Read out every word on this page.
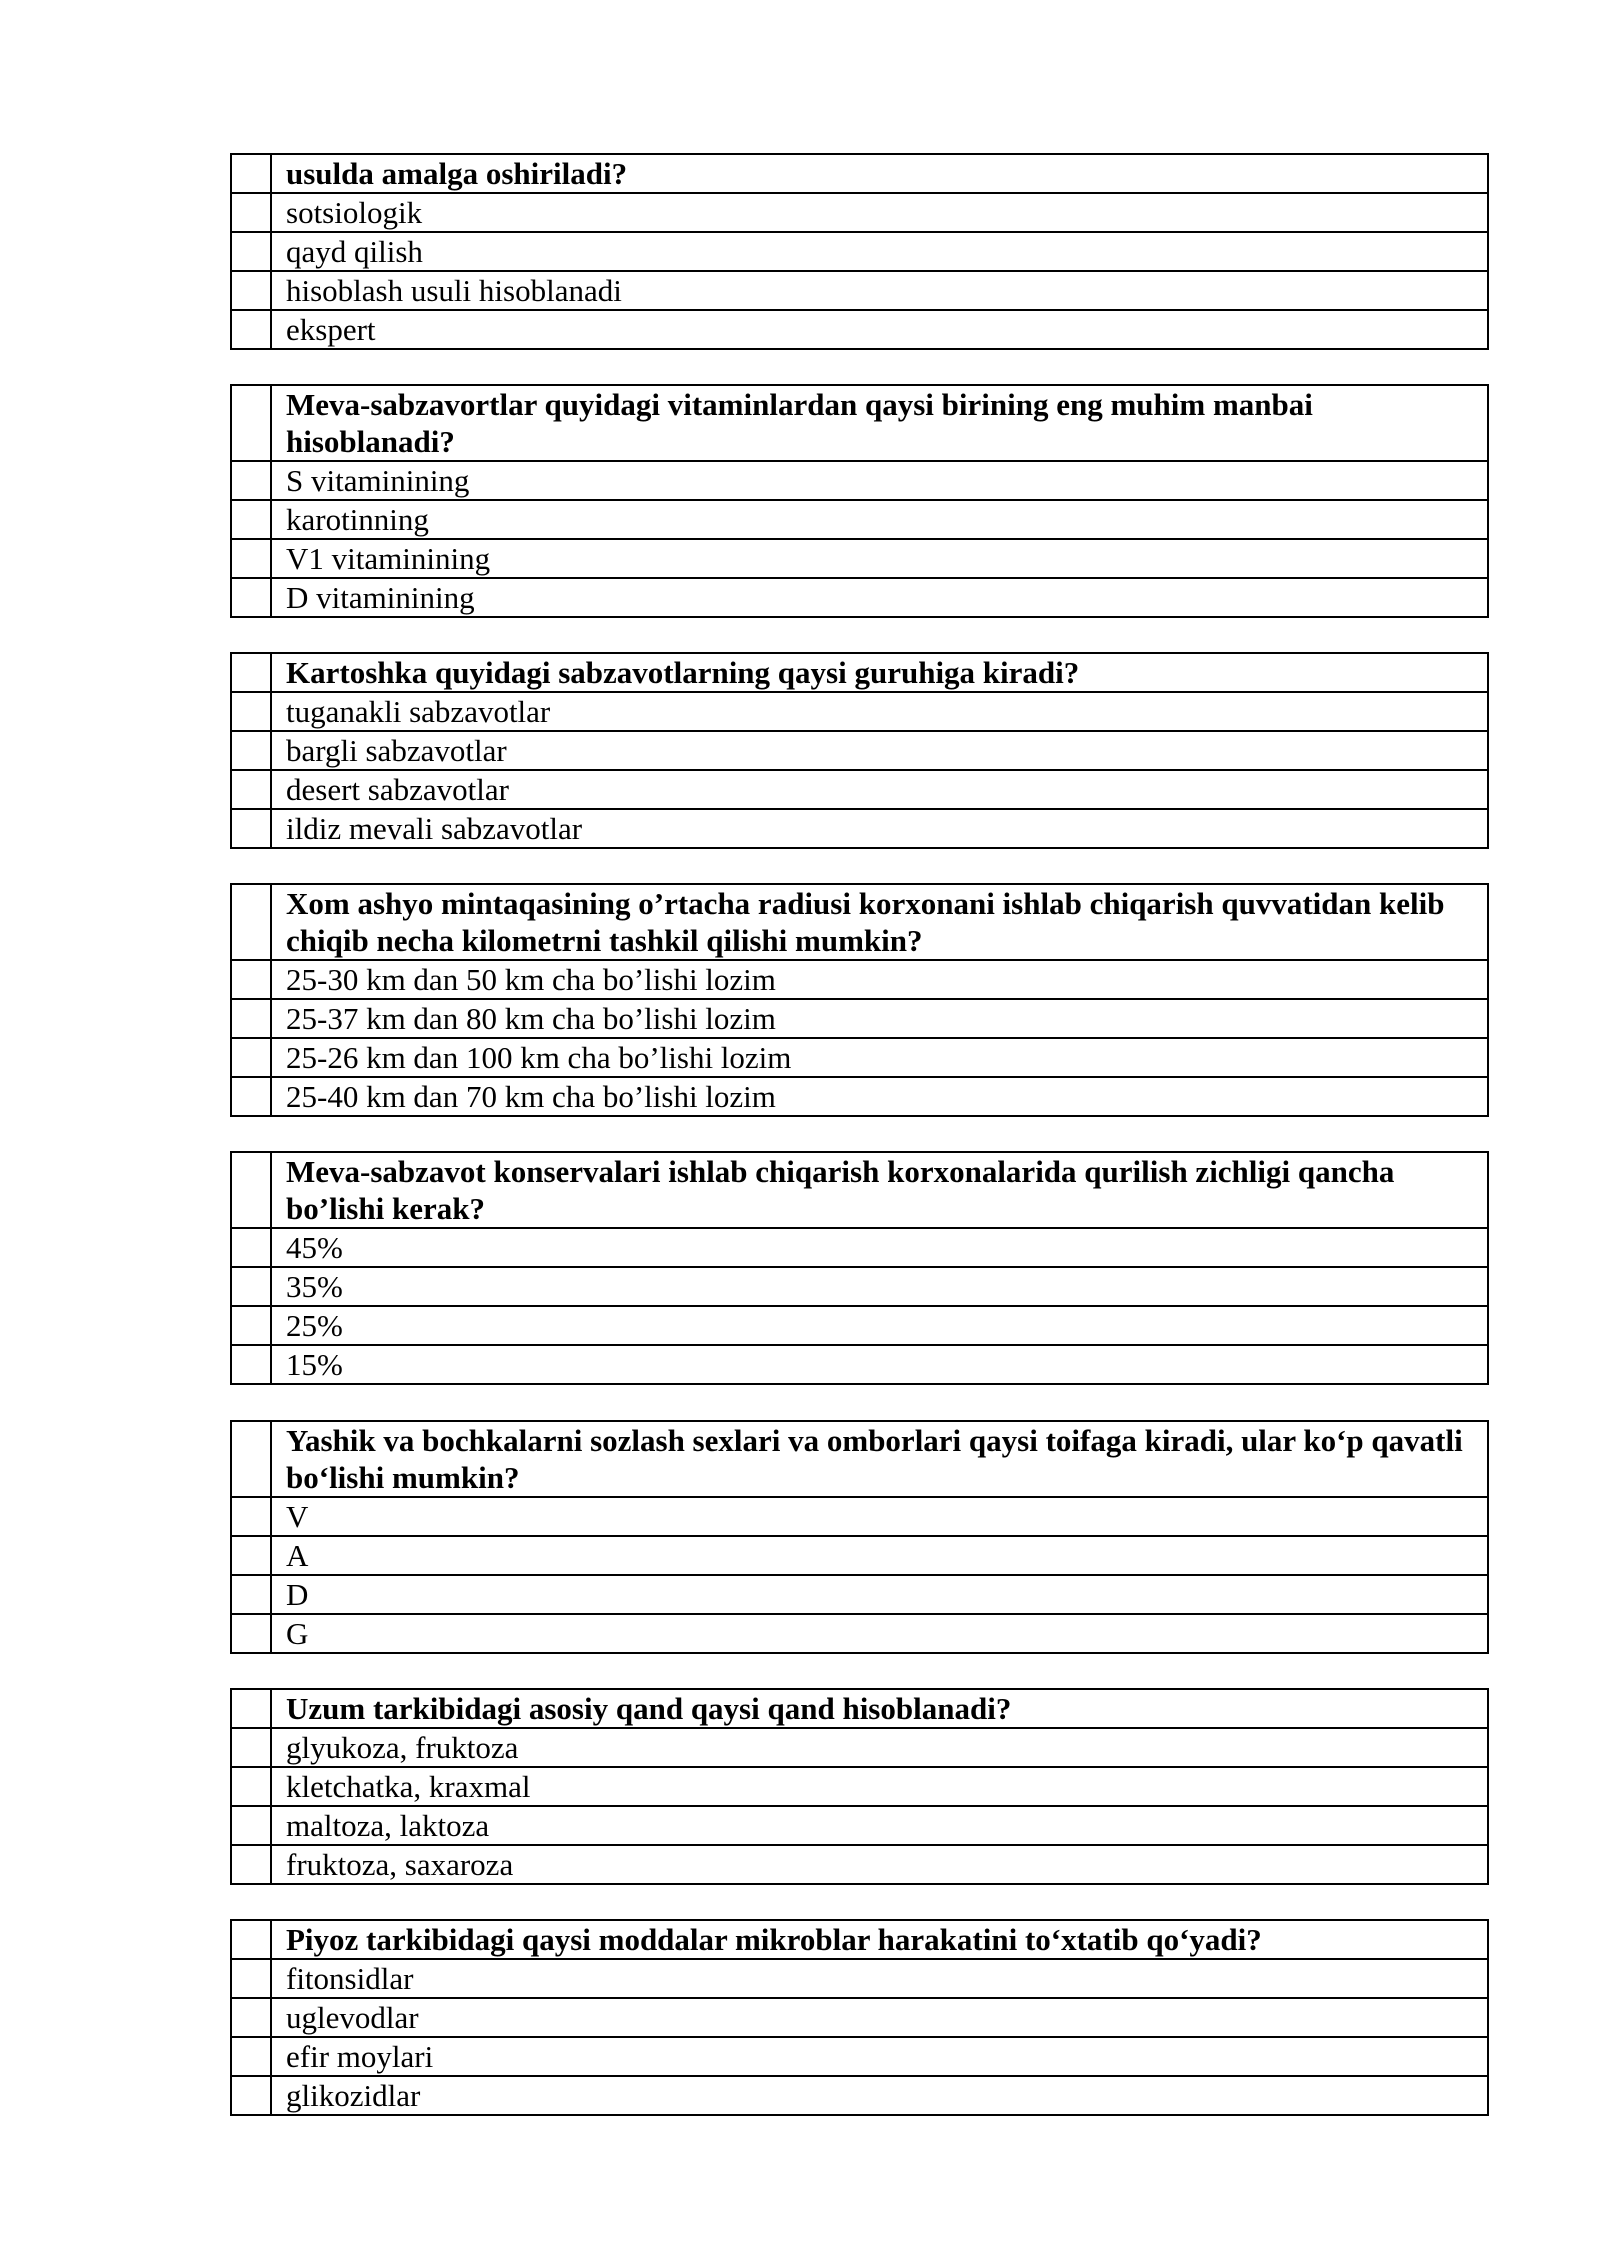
	usulda amalga oshiriladi?
	sotsiologik
	qayd qilish
	hisoblash usuli hisoblanadi
	ekspert
	Meva-sabzavortlar quyidagi vitaminlardan qaysi birining eng muhim manbai hisoblanadi?
	S vitaminining
	karotinning
	V1 vitaminining
	D vitaminining
	Kartoshka quyidagi sabzavotlarning qaysi guruhiga kiradi?
	tuganakli sabzavotlar
	bargli sabzavotlar
	desert sabzavotlar
	ildiz mevali sabzavotlar
	Xom ashyo mintaqasining o’rtacha radiusi korxonani ishlab chiqarish quvvatidan kelib chiqib necha kilometrni tashkil qilishi mumkin?
	25-30 km dan 50 km cha bo’lishi lozim
	25-37 km dan 80 km cha bo’lishi lozim
	25-26 km dan 100 km cha bo’lishi lozim
	25-40 km dan 70 km cha bo’lishi lozim
	Meva-sabzavot konservalari ishlab chiqarish korxonalarida qurilish zichligi qancha bo’lishi kerak?
	45%
	35%
	25%
	15%
	Yashik va bochkalarni sozlash sexlari va omborlari qaysi toifaga kiradi, ular ko‘p qavatli bo‘lishi mumkin?
	V
	A
	D
	G
	Uzum tarkibidagi asosiy qand qaysi qand hisoblanadi?
	glyukoza, fruktoza
	kletchatka, kraxmal
	maltoza, laktoza
	fruktoza, saxaroza
	Piyoz tarkibidagi qaysi moddalar mikroblar harakatini to‘xtatib qo‘yadi?
	fitonsidlar
	uglevodlar
	efir moylari
	glikozidlar
